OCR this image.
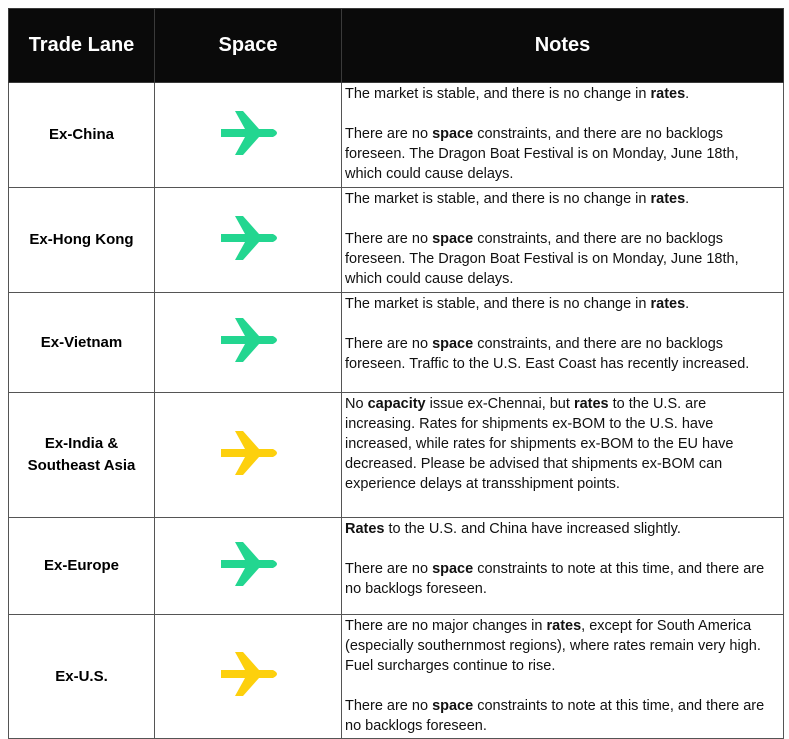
Trade Lane	Space	Notes
Ex-China		The market is stable, and there is no change in rates.

There are no space constraints, and there are no backlogs foreseen. The Dragon Boat Festival is on Monday, June 18th, which could cause delays.

Ex-Hong Kong		The market is stable, and there is no change in rates.

There are no space constraints, and there are no backlogs foreseen. The Dragon Boat Festival is on Monday, June 18th, which could cause delays.

Ex-Vietnam		The market is stable, and there is no change in rates.

There are no space constraints, and there are no backlogs foreseen. Traffic to the U.S. East Coast has recently increased.

Ex-India & Southeast Asia		No capacity issue ex-Chennai, but rates to the U.S. are increasing. Rates for shipments ex-BOM to the U.S. have increased, while rates for shipments ex-BOM to the EU have decreased. Please be advised that shipments ex-BOM can experience delays at transshipment points.

Ex-Europe		Rates to the U.S. and China have increased slightly.

There are no space constraints to note at this time, and there are no backlogs foreseen.

Ex-U.S.		There are no major changes in rates, except for South America (especially southernmost regions), where rates remain very high. Fuel surcharges continue to rise.

There are no space constraints to note at this time, and there are no backlogs foreseen.
